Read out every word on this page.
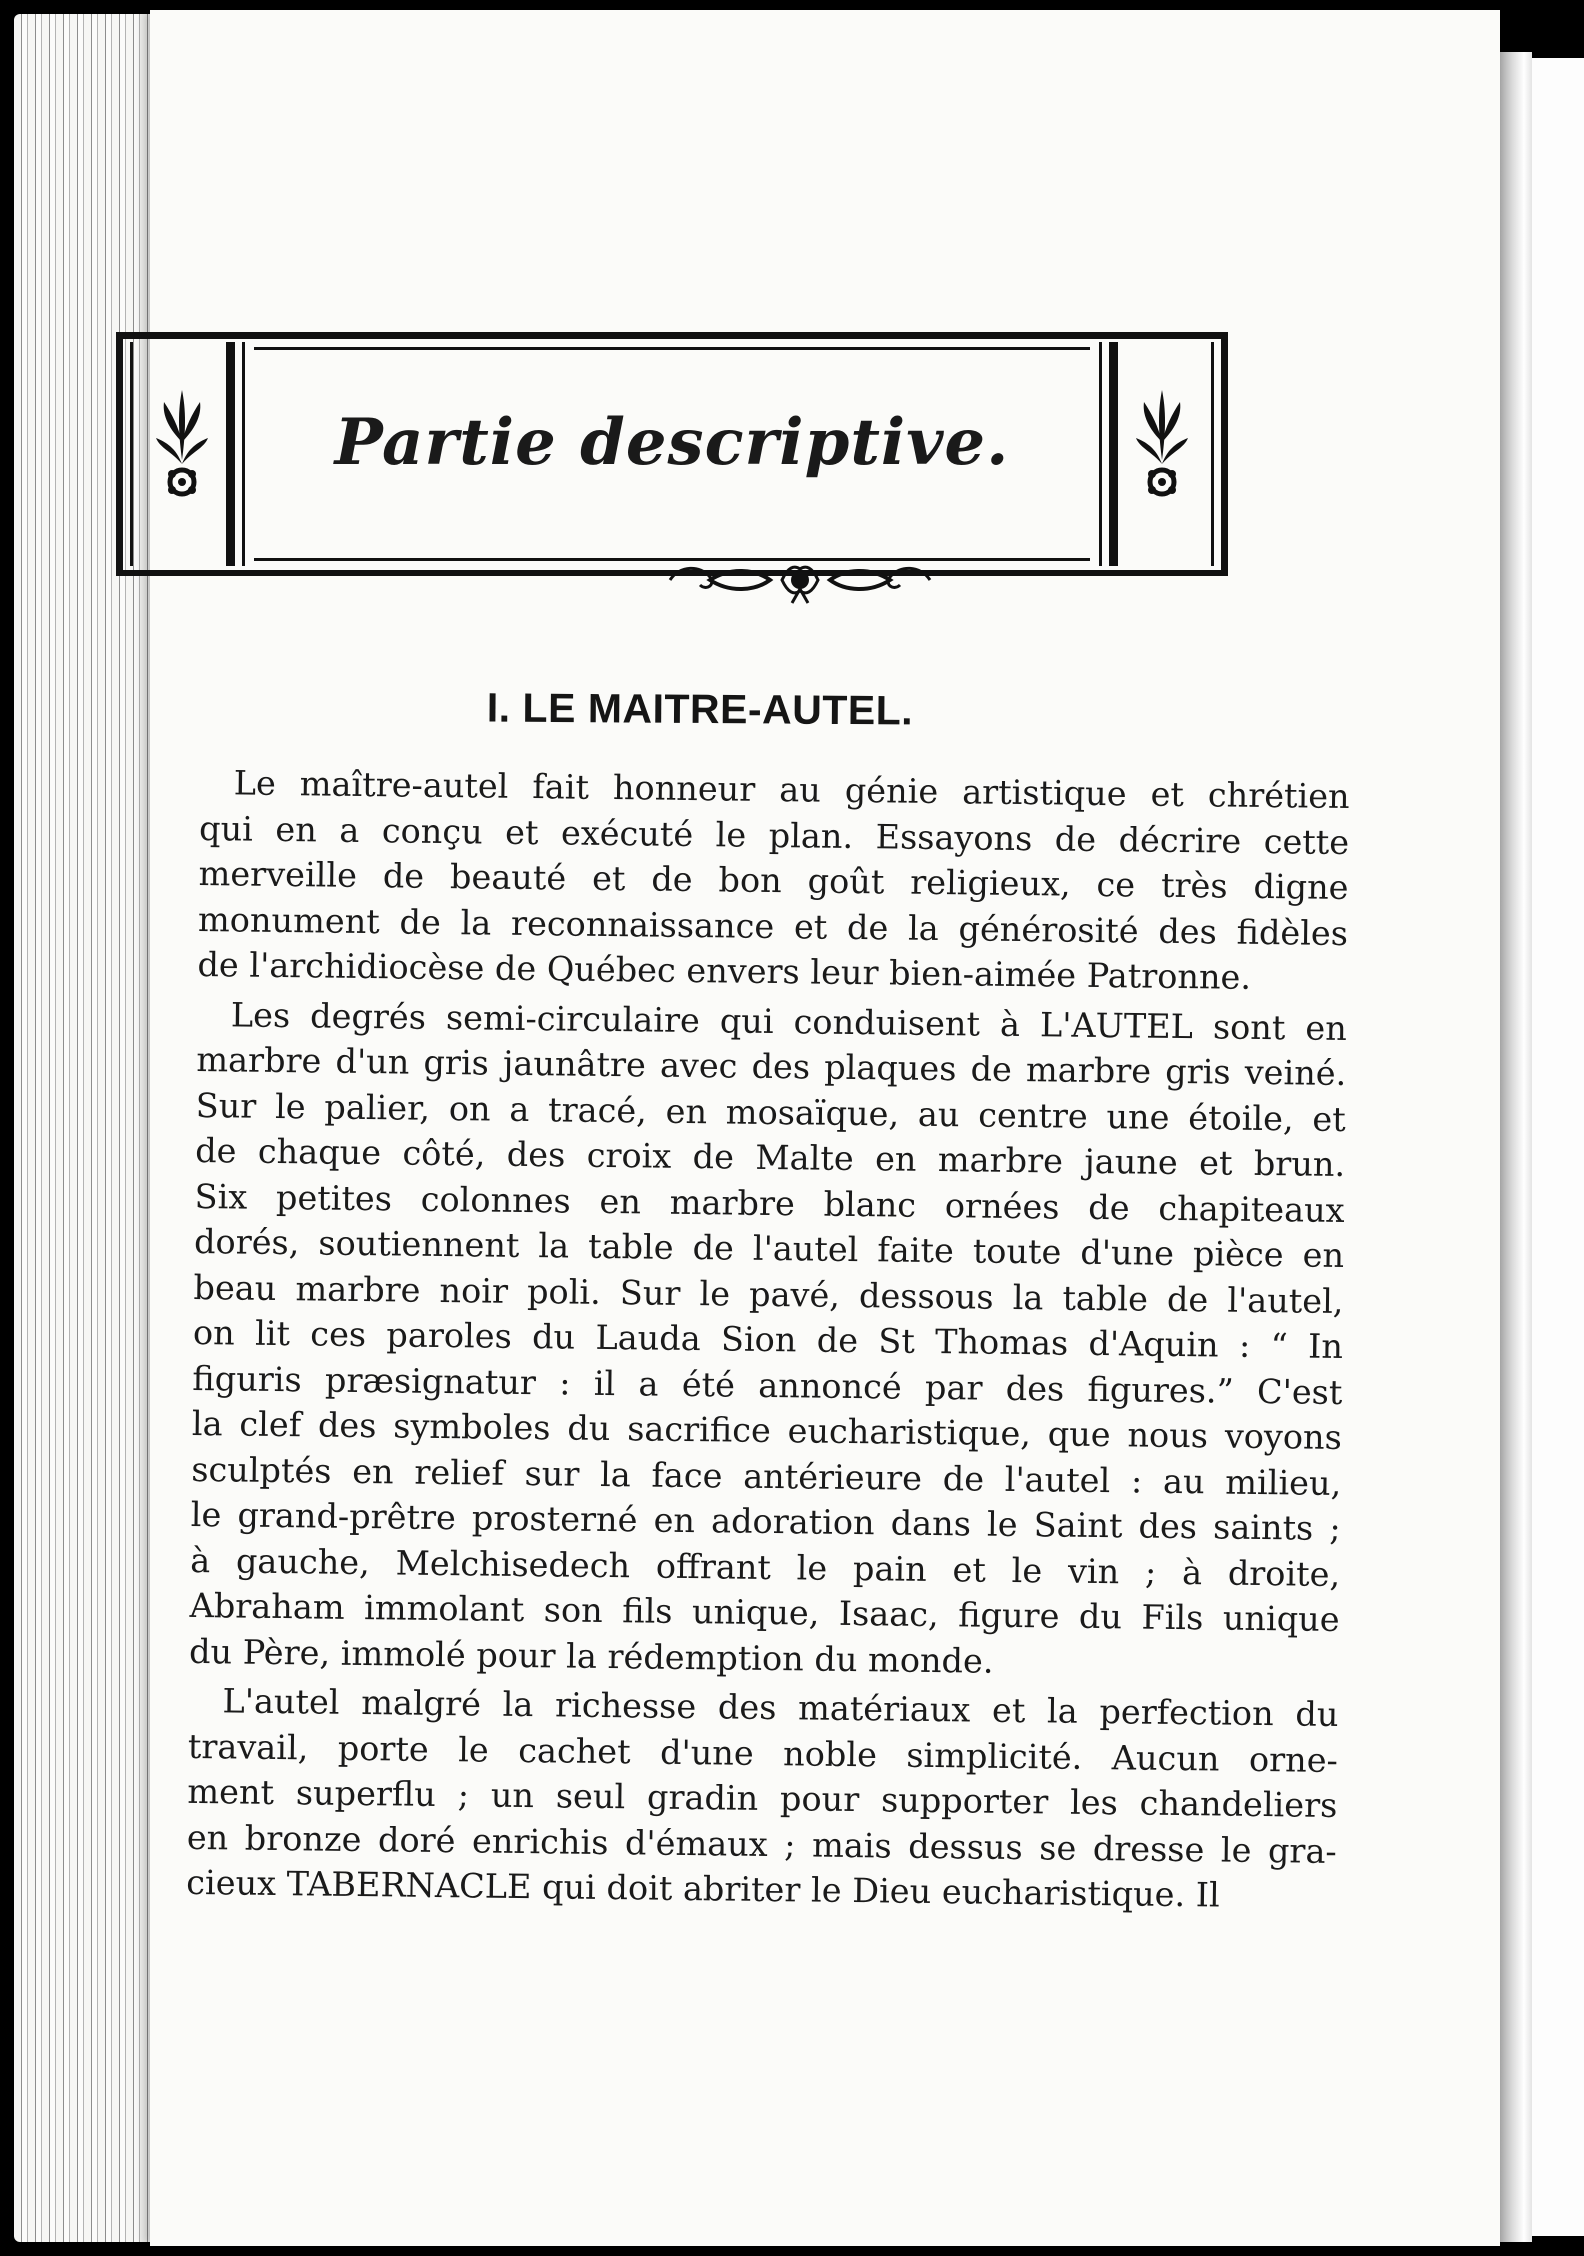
Partie descriptive.
I. LE MAITRE-AUTEL.
Le maître-autel fait honneur au génie artistique et chrétien
qui en a conçu et exécuté le plan. Essayons de décrire cette
merveille de beauté et de bon goût religieux, ce très digne
monument de la reconnaissance et de la générosité des fidèles
de l'archidiocèse de Québec envers leur bien-aimée Patronne.
Les degrés semi-circulaire qui conduisent à L'AUTEL sont en
marbre d'un gris jaunâtre avec des plaques de marbre gris veiné.
Sur le palier, on a tracé, en mosaïque, au centre une étoile, et
de chaque côté, des croix de Malte en marbre jaune et brun.
Six petites colonnes en marbre blanc ornées de chapiteaux
dorés, soutiennent la table de l'autel faite toute d'une pièce en
beau marbre noir poli. Sur le pavé, dessous la table de l'autel,
on lit ces paroles du Lauda Sion de St Thomas d'Aquin : “ In
figuris præsignatur : il a été annoncé par des figures.” C'est
la clef des symboles du sacrifice eucharistique, que nous voyons
sculptés en relief sur la face antérieure de l'autel : au milieu,
le grand-prêtre prosterné en adoration dans le Saint des saints ;
à gauche, Melchisedech offrant le pain et le vin ; à droite,
Abraham immolant son fils unique, Isaac, figure du Fils unique
du Père, immolé pour la rédemption du monde.
L'autel malgré la richesse des matériaux et la perfection du
travail, porte le cachet d'une noble simplicité. Aucun orne-
ment superflu ; un seul gradin pour supporter les chandeliers
en bronze doré enrichis d'émaux ; mais dessus se dresse le gra-
cieux TABERNACLE qui doit abriter le Dieu eucharistique. Il
